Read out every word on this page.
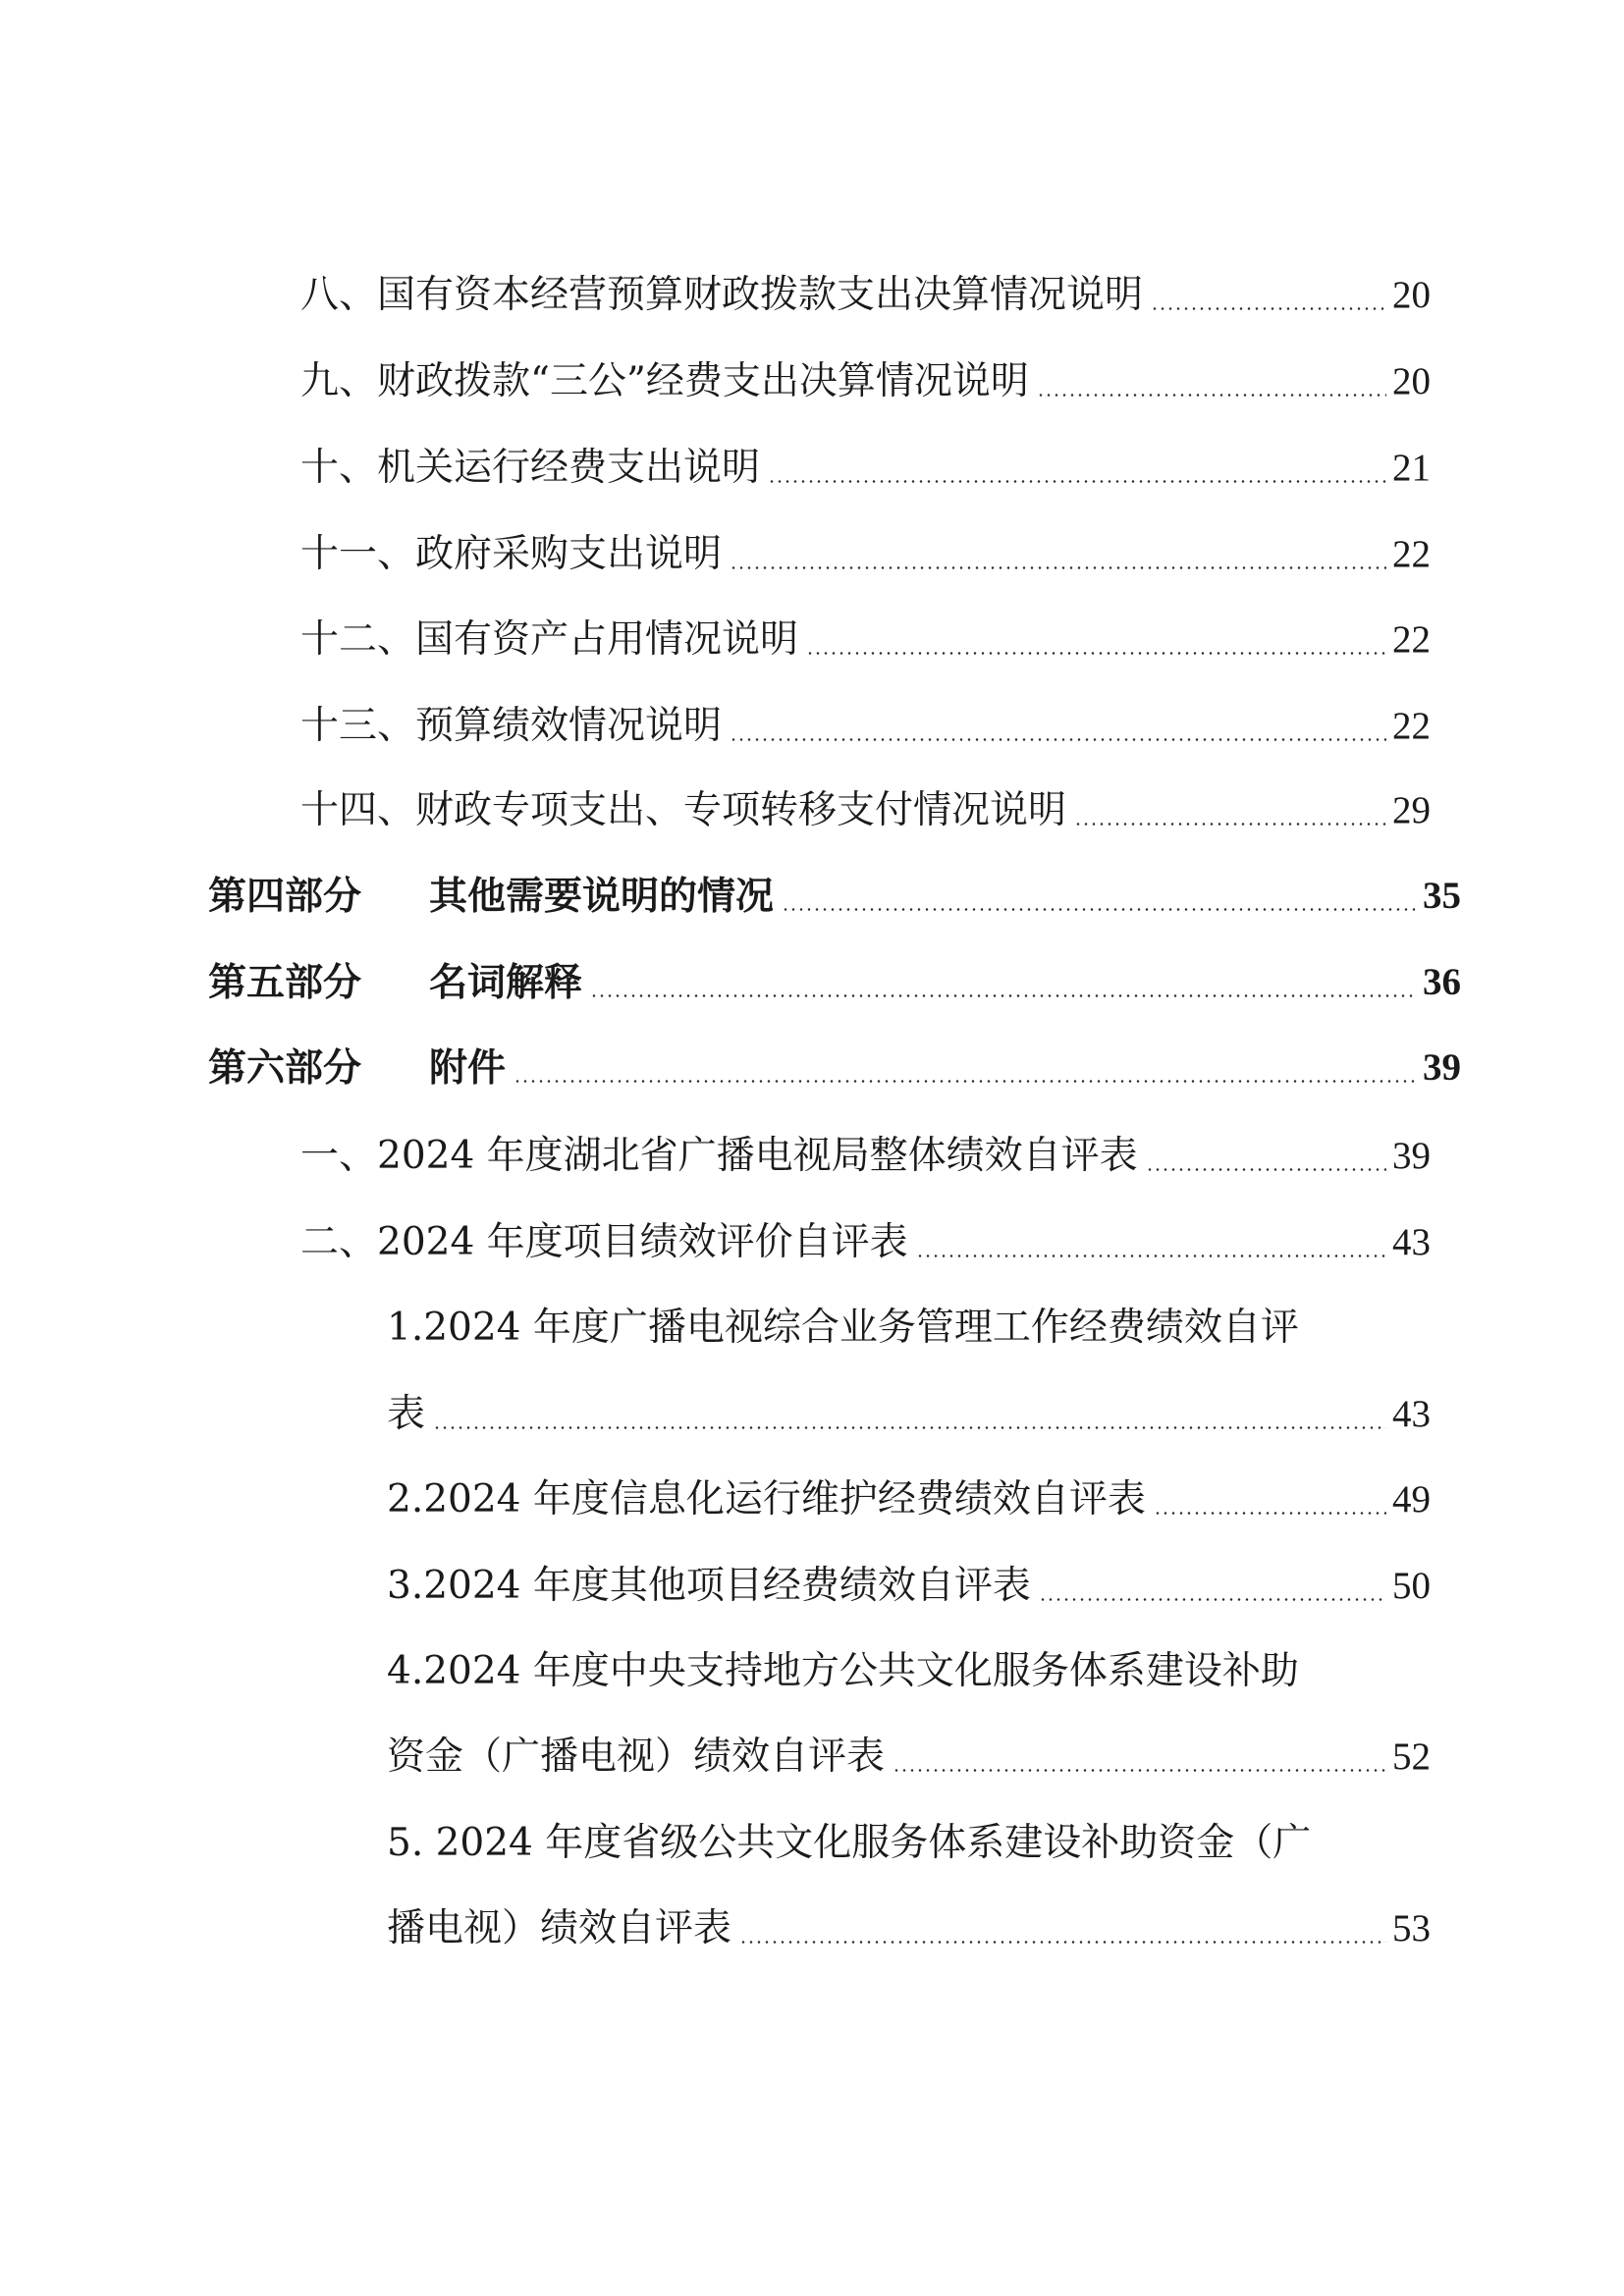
八、国有资本经营预算财政拨款支出决算情况说明	20
九、财政拨款“三公”经费支出决算情况说明	20
十、机关运行经费支出说明	21
十一、政府采购支出说明	22
十二、国有资产占用情况说明	22
十三、预算绩效情况说明	22
十四、财政专项支出、专项转移支付情况说明	29
第四部分 其他需要说明的情况	35
第五部分 名词解释	36
第六部分 附件	39
一、2024 年度湖北省广播电视局整体绩效自评表	39
二、2024 年度项目绩效评价自评表	43
1.2024 年度广播电视综合业务管理工作经费绩效自评
表	43
2.2024 年度信息化运行维护经费绩效自评表	49
3.2024 年度其他项目经费绩效自评表	50
4.2024 年度中央支持地方公共文化服务体系建设补助
资金（广播电视）绩效自评表	52
5. 2024 年度省级公共文化服务体系建设补助资金（广
播电视）绩效自评表	53
